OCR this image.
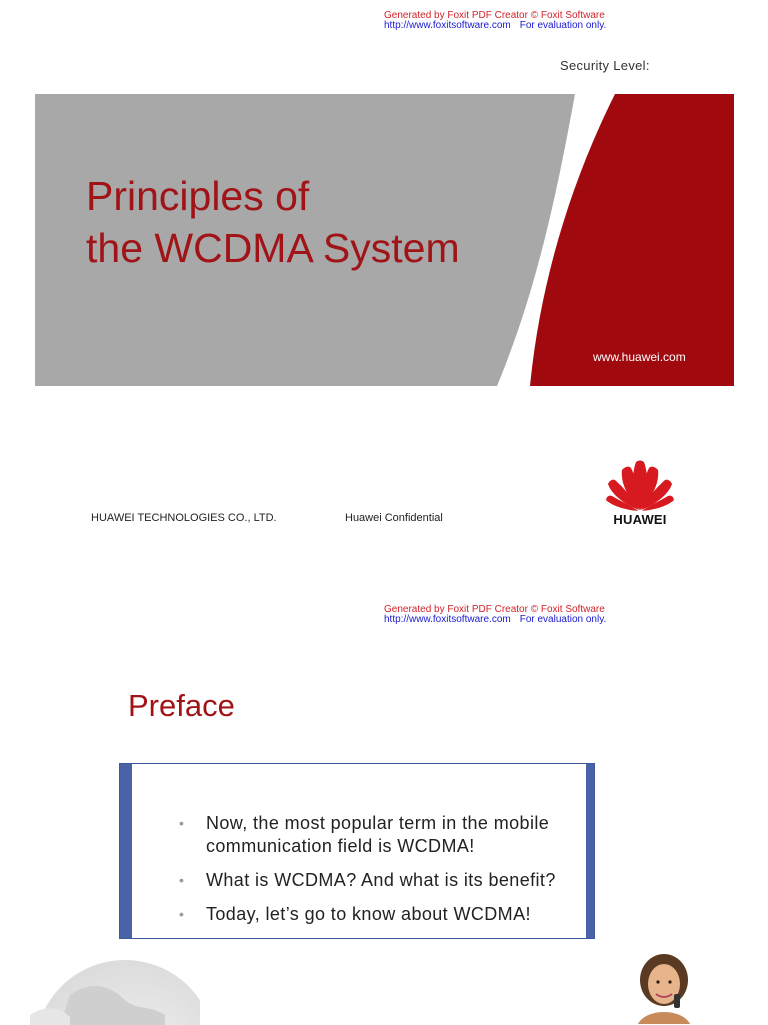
Generated by Foxit PDF Creator © Foxit Software
http://www.foxitsoftware.com For evaluation only.
Security Level:
Principles of
the WCDMA System
www.huawei.com
HUAWEI TECHNOLOGIES CO., LTD.	Huawei Confidential	HUAWEI
Generated by Foxit PDF Creator © Foxit Software
http://www.foxitsoftware.com For evaluation only.
Preface
• Now, the most popular term in the mobile
communication field is WCDMA!
• What is WCDMA? And what is its benefit?
• Today, let’s go to know about WCDMA!
